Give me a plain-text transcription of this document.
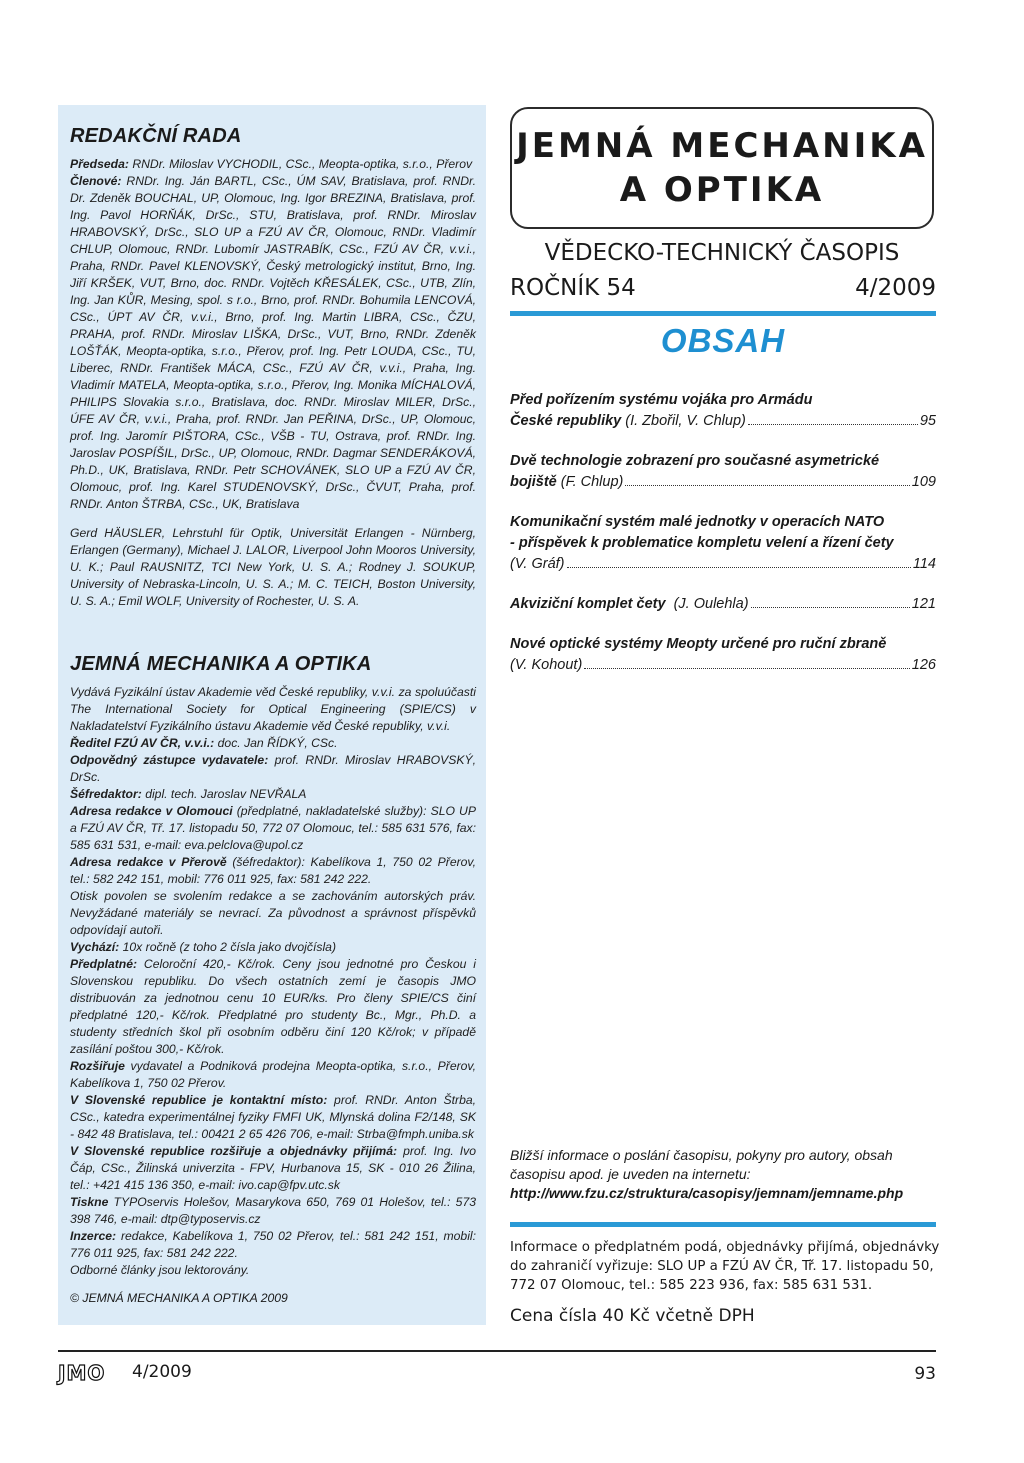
REDAKČNÍ RADA

Předseda: RNDr. Miloslav VYCHODIL, CSc., Meopta-optika, s.r.o., Přerov

Členové: RNDr. Ing. Ján BARTL, CSc., ÚM SAV, Bratislava, prof. RNDr. Dr. Zdeněk BOUCHAL, UP, Olomouc, Ing. Igor BREZINA, Bratislava, prof. Ing. Pavol HORŇÁK, DrSc., STU, Bratislava, prof. RNDr. Miroslav HRABOVSKÝ, DrSc., SLO UP a FZÚ AV ČR, Olomouc, RNDr. Vladimír CHLUP, Olomouc, RNDr. Lubomír JASTRABÍK, CSc., FZÚ AV ČR, v.v.i., Praha, RNDr. Pavel KLENOVSKÝ, Český metrologický institut, Brno, Ing. Jiří KRŠEK, VUT, Brno, doc. RNDr. Vojtěch KŘESÁLEK, CSc., UTB, Zlín, Ing. Jan KŮR, Mesing, spol. s r.o., Brno, prof. RNDr. Bohumila LENCOVÁ, CSc., ÚPT AV ČR, v.v.i., Brno, prof. Ing. Martin LIBRA, CSc., ČZU, PRAHA, prof. RNDr. Miroslav LIŠKA, DrSc., VUT, Brno, RNDr. Zdeněk LOŠŤÁK, Meopta-optika, s.r.o., Přerov, prof. Ing. Petr LOUDA, CSc., TU, Liberec, RNDr. František MÁCA, CSc., FZÚ AV ČR, v.v.i., Praha, Ing. Vladimír MATELA, Meopta-optika, s.r.o., Přerov, Ing. Monika MÍCHALOVÁ, PHILIPS Slovakia s.r.o., Bratislava, doc. RNDr. Miroslav MILER, DrSc., ÚFE AV ČR, v.v.i., Praha, prof. RNDr. Jan PEŘINA, DrSc., UP, Olomouc, prof. Ing. Jaromír PIŠTORA, CSc., VŠB - TU, Ostrava, prof. RNDr. Ing. Jaroslav POSPÍŠIL, DrSc., UP, Olomouc, RNDr. Dagmar SENDERÁKOVÁ, Ph.D., UK, Bratislava, RNDr. Petr SCHOVÁNEK, SLO UP a FZÚ AV ČR, Olomouc, prof. Ing. Karel STUDENOVSKÝ, DrSc., ČVUT, Praha, prof. RNDr. Anton ŠTRBA, CSc., UK, Bratislava

Gerd HÄUSLER, Lehrstuhl für Optik, Universität Erlangen - Nürnberg, Erlangen (Germany), Michael J. LALOR, Liverpool John Mooros University, U. K.; Paul RAUSNITZ, TCI New York, U. S. A.; Rodney J. SOUKUP, University of Nebraska-Lincoln, U. S. A.; M. C. TEICH, Boston University, U. S. A.; Emil WOLF, University of Rochester, U. S. A.

JEMNÁ MECHANIKA A OPTIKA

Vydává Fyzikální ústav Akademie věd České republiky, v.v.i. za spoluúčasti The International Society for Optical Engineering (SPIE/CS) v Nakladatelství Fyzikálního ústavu Akademie věd České republiky, v.v.i.

Ředitel FZÚ AV ČR, v.v.i.: doc. Jan ŘÍDKÝ, CSc.

Odpovědný zástupce vydavatele: prof. RNDr. Miroslav HRABOVSKÝ, DrSc.

Šéfredaktor: dipl. tech. Jaroslav NEVŘALA

Adresa redakce v Olomouci (předplatné, nakladatelské služby): SLO UP a FZÚ AV ČR, Tř. 17. listopadu 50, 772 07 Olomouc, tel.: 585 631 576, fax: 585 631 531, e-mail: eva.pelclova@upol.cz

Adresa redakce v Přerově (šéfredaktor): Kabelíkova 1, 750 02 Přerov, tel.: 582 242 151, mobil: 776 011 925, fax: 581 242 222.

Otisk povolen se svolením redakce a se zachováním autorských práv. Nevyžádané materiály se nevrací. Za původnost a správnost příspěvků odpovídají autoři.

Vychází: 10x ročně (z toho 2 čísla jako dvojčísla)

Předplatné: Celoroční 420,- Kč/rok. Ceny jsou jednotné pro Českou i Slovenskou republiku. Do všech ostatních zemí je časopis JMO distribuován za jednotnou cenu 10 EUR/ks. Pro členy SPIE/CS činí předplatné 120,- Kč/rok. Předplatné pro studenty Bc., Mgr., Ph.D. a studenty středních škol při osobním odběru činí 120 Kč/rok; v případě zasílání poštou 300,- Kč/rok.

Rozšiřuje vydavatel a Podniková prodejna Meopta-optika, s.r.o., Přerov, Kabelíkova 1, 750 02 Přerov.

V Slovenské republice je kontaktní místo: prof. RNDr. Anton Štrba, CSc., katedra experimentálnej fyziky FMFI UK, Mlynská dolina F2/148, SK - 842 48 Bratislava, tel.: 00421 2 65 426 706, e-mail: Strba@fmph.uniba.sk

V Slovenské republice rozšiřuje a objednávky přijímá: prof. Ing. Ivo Čáp, CSc., Žilinská univerzita - FPV, Hurbanova 15, SK - 010 26 Žilina, tel.: +421 415 136 350, e-mail: ivo.cap@fpv.utc.sk

Tiskne TYPOservis Holešov, Masarykova 650, 769 01 Holešov, tel.: 573 398 746, e-mail: dtp@typoservis.cz

Inzerce: redakce, Kabelíkova 1, 750 02 Přerov, tel.: 581 242 151, mobil: 776 011 925, fax: 581 242 222.

Odborné články jsou lektorovány.

© JEMNÁ MECHANIKA A OPTIKA 2009
JEMNÁ MECHANIKA
A OPTIKA
VĚDECKO-TECHNICKÝ ČASOPIS
ROČNÍK 54	4/2009
OBSAH
Před pořízením systému vojáka pro Armádu
České republiky
(I. Zbořil, V. Chlup)	95
Dvě technologie zobrazení pro současné asymetrické
bojiště
(F. Chlup)	109
Komunikační systém malé jednotky v operacích NATO
- příspěvek k problematice kompletu velení a řízení čety
(V. Gráf)	114
Akviziční komplet čety
(J. Oulehla)	121
Nové optické systémy Meopty určené pro ruční zbraně
(V. Kohout)	126
Bližší informace o poslání časopisu, pokyny pro autory, obsah časopisu apod. je uveden na internetu:
http://www.fzu.cz/struktura/casopisy/jemnam/jemname.php
Informace o předplatném podá, objednávky přijímá, objednávky do zahraničí vyřizuje: SLO UP a FZÚ AV ČR, Tř. 17. listopadu 50, 772 07 Olomouc, tel.: 585 223 936, fax: 585 631 531.
Cena čísla 40 Kč včetně DPH
JMO 4/2009	93
